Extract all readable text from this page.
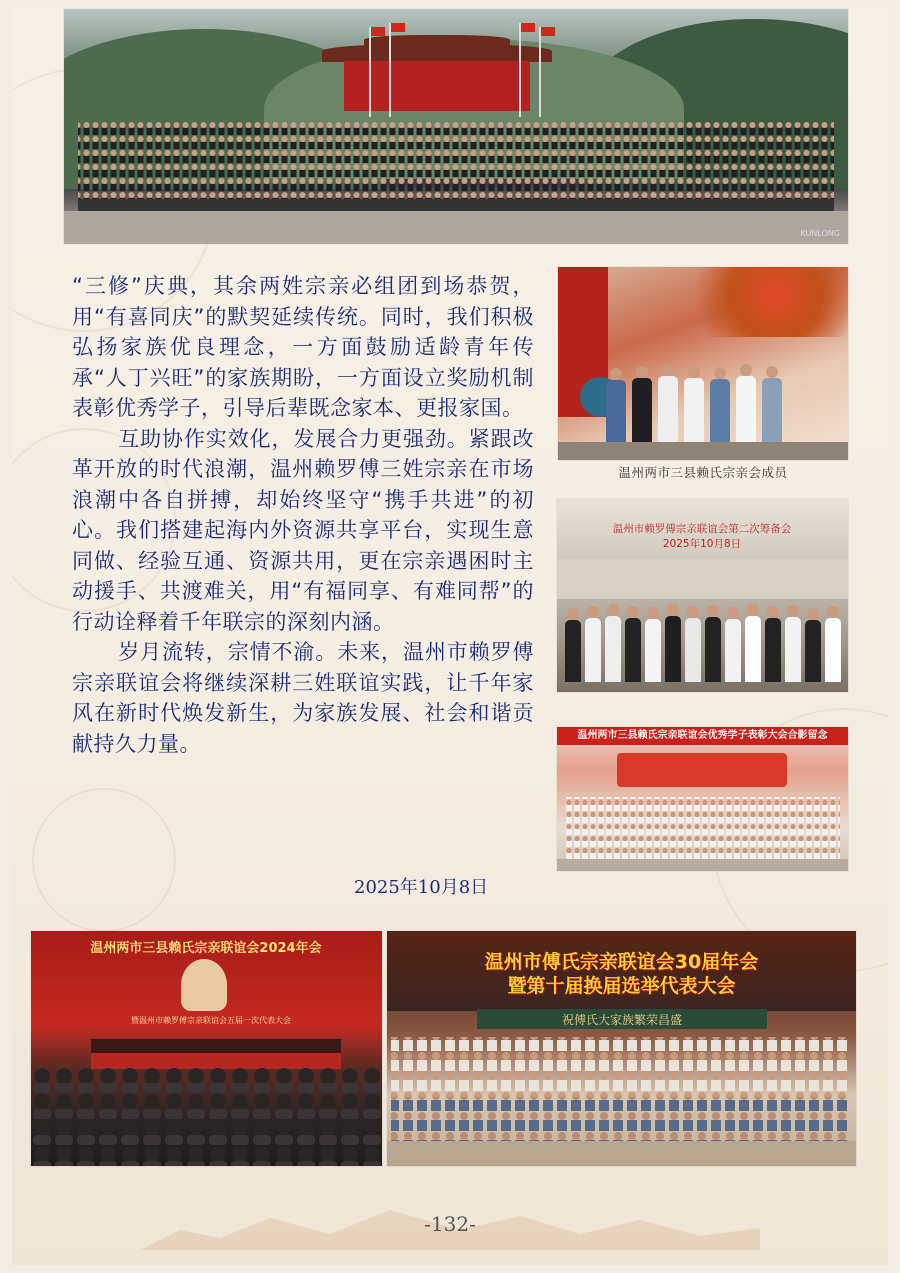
KUNLONG

“三修”庆典，其余两姓宗亲必组团到场恭贺，用“有喜同庆”的默契延续传统。同时，我们积极弘扬家族优良理念，一方面鼓励适龄青年传承“人丁兴旺”的家族期盼，一方面设立奖励机制表彰优秀学子，引导后辈既念家本、更报家国。

互助协作实效化，发展合力更强劲。紧跟改革开放的时代浪潮，温州赖罗傅三姓宗亲在市场浪潮中各自拼搏，却始终坚守“携手共进”的初心。我们搭建起海内外资源共享平台，实现生意同做、经验互通、资源共用，更在宗亲遇困时主动援手、共渡难关，用“有福同享、有难同帮”的行动诠释着千年联宗的深刻内涵。

岁月流转，宗情不渝。未来，温州市赖罗傅宗亲联谊会将继续深耕三姓联谊实践，让千年家风在新时代焕发新生，为家族发展、社会和谐贡献持久力量。

2025年10月8日
温州两市三县赖氏宗亲会成员
温州市赖罗傅宗亲联谊会第二次筹备会
2025年10月8日
温州两市三县赖氏宗亲联谊会优秀学子表彰大会合影留念
温州两市三县赖氏宗亲联谊会2024年会
暨温州市赖罗傅宗亲联谊会五届一次代表大会
温州市傅氏宗亲联谊会30届年会
暨第十届换届选举代表大会
祝傅氏大家族繁荣昌盛
-132-
